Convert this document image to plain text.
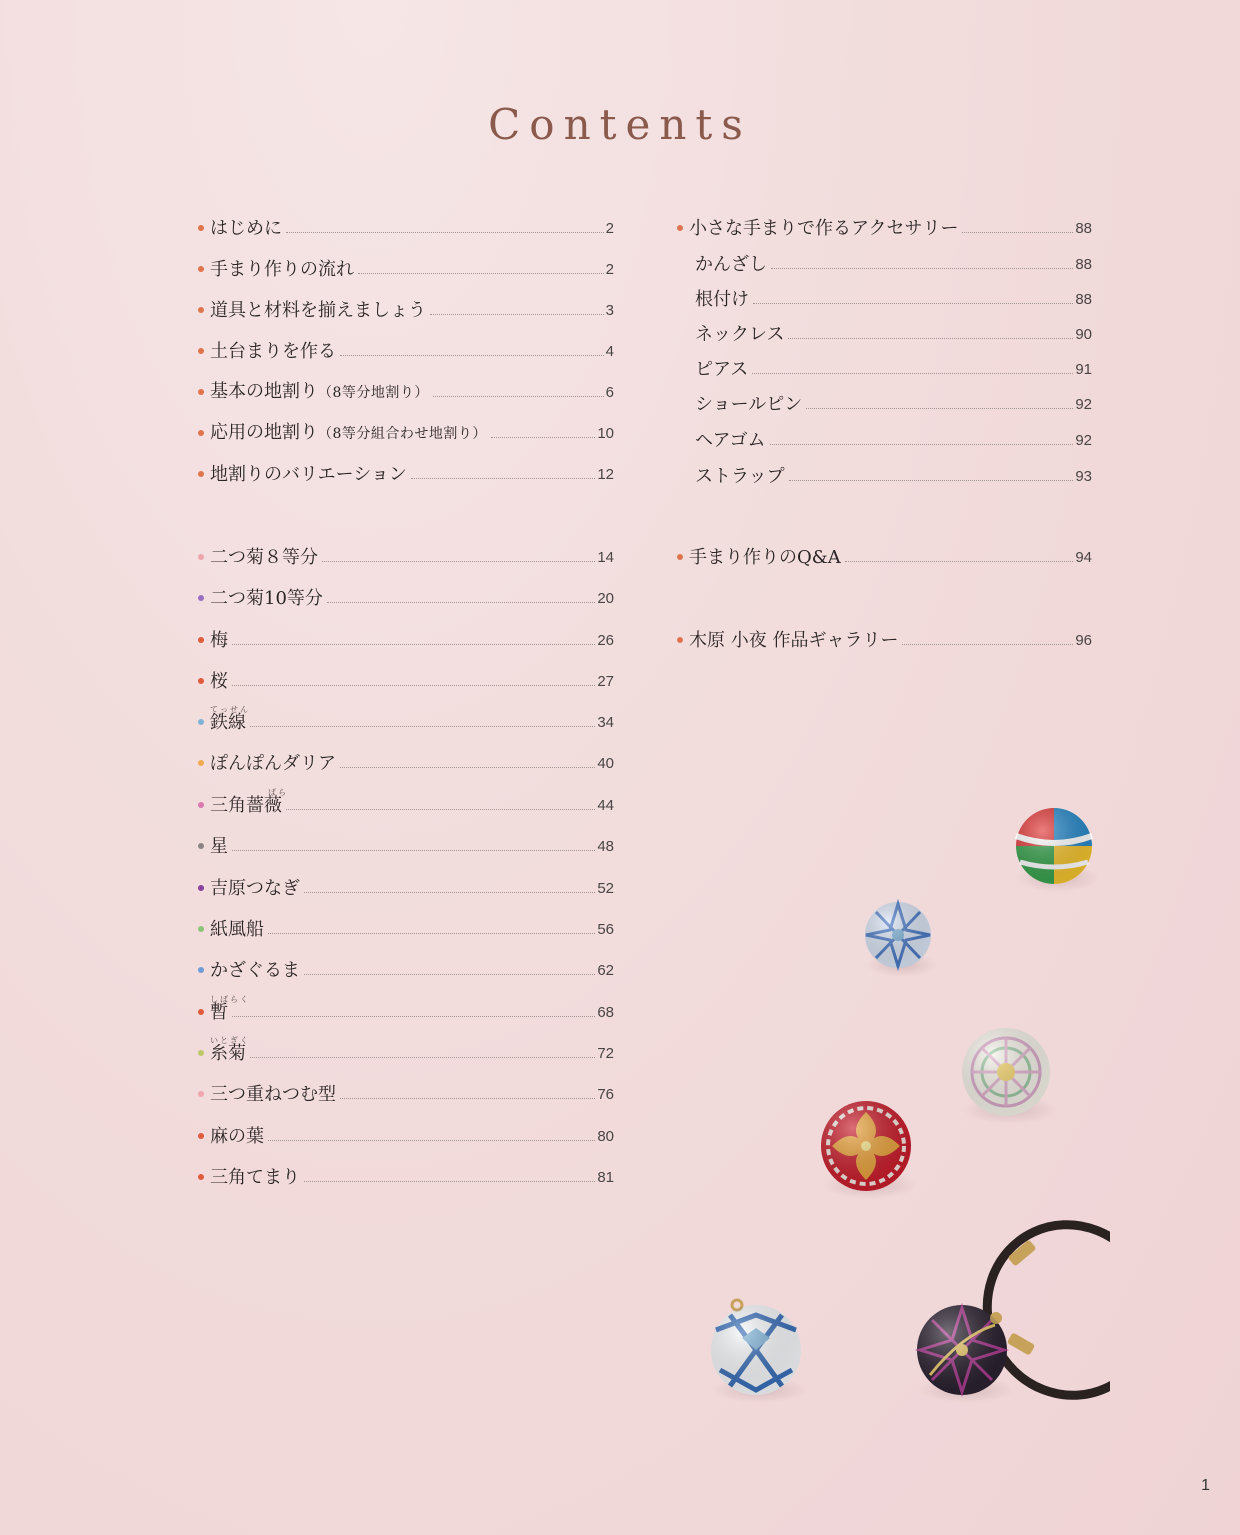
Contents
はじめに	2
手まり作りの流れ	2
道具と材料を揃えましょう	3
土台まりを作る	4
基本の地割り（8等分地割り）	6
応用の地割り（8等分組合わせ地割り）	10
地割りのバリエーション	12
二つ菊８等分	14
二つ菊10等分	20
梅	26
桜	27
てっせん
鉄線	34
ぽんぽんダリア	40
ばら
三角薔薇	44
星	48
吉原つなぎ	52
紙風船	56
かざぐるま	62
しばらく
暫	68
いとぎく
糸菊	72
三つ重ねつむ型	76
麻の葉	80
三角てまり	81
小さな手まりで作るアクセサリー	88
かんざし	88
根付け	88
ネックレス	90
ピアス	91
ショールピン	92
ヘアゴム	92
ストラップ	93
手まり作りのQ&A	94
木原 小夜 作品ギャラリー	96
1
